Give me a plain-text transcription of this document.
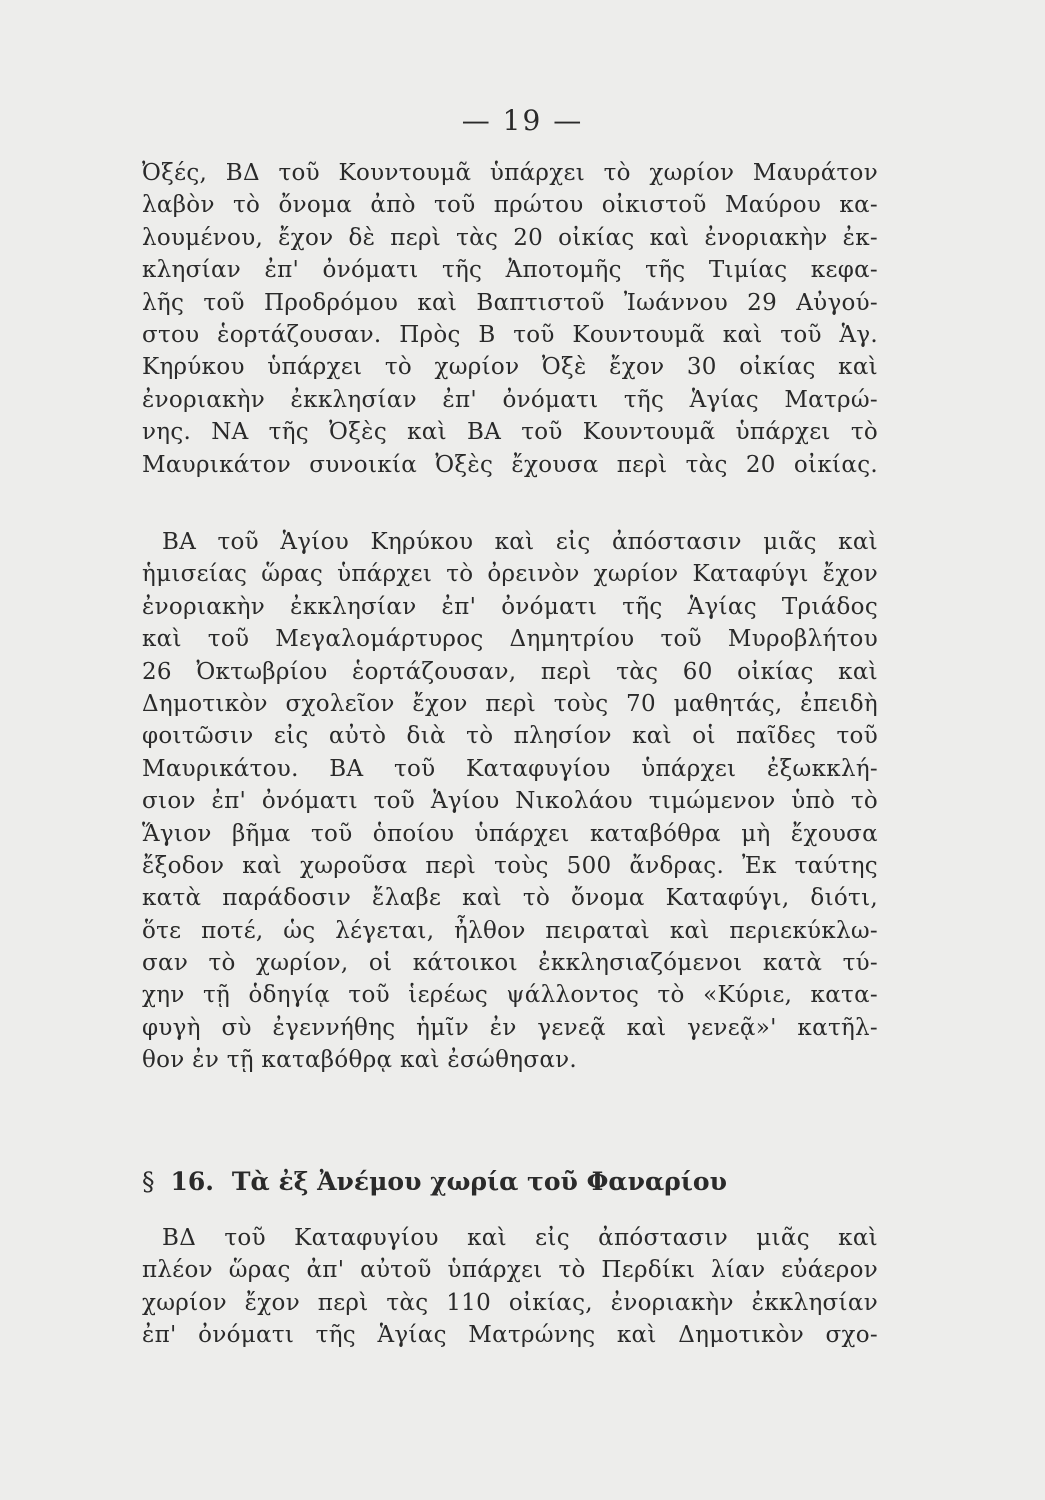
— 19 —
Ὀξές, ΒΔ τοῦ Κουντουμᾶ ὑπάρχει τὸ χωρίον Μαυράτον
λαβὸν τὸ ὄνομα ἀπὸ τοῦ πρώτου οἰκιστοῦ Μαύρου κα-
λουμένου, ἔχον δὲ περὶ τὰς 20 οἰκίας καὶ ἐνοριακὴν ἐκ-
κλησίαν ἐπ' ὀνόματι τῆς Ἀποτομῆς τῆς Τιμίας κεφα-
λῆς τοῦ Προδρόμου καὶ Βαπτιστοῦ Ἰωάννου 29 Αὐγού-
στου ἑορτάζουσαν. Πρὸς Β τοῦ Κουντουμᾶ καὶ τοῦ Ἁγ.
Κηρύκου ὑπάρχει τὸ χωρίον Ὀξὲ ἔχον 30 οἰκίας καὶ
ἐνοριακὴν ἐκκλησίαν ἐπ' ὀνόματι τῆς Ἁγίας Ματρώ-
νης. ΝΑ τῆς Ὀξὲς καὶ ΒΑ τοῦ Κουντουμᾶ ὑπάρχει τὸ
Μαυρικάτον συνοικία Ὀξὲς ἔχουσα περὶ τὰς 20 οἰκίας.
ΒΑ τοῦ Ἁγίου Κηρύκου καὶ εἰς ἀπόστασιν μιᾶς καὶ
ἡμισείας ὥρας ὑπάρχει τὸ ὀρεινὸν χωρίον Καταφύγι ἔχον
ἐνοριακὴν ἐκκλησίαν ἐπ' ὀνόματι τῆς Ἁγίας Τριάδος
καὶ τοῦ Μεγαλομάρτυρος Δημητρίου τοῦ Μυροβλήτου
26 Ὀκτωβρίου ἑορτάζουσαν, περὶ τὰς 60 οἰκίας καὶ
Δημοτικὸν σχολεῖον ἔχον περὶ τοὺς 70 μαθητάς, ἐπειδὴ
φοιτῶσιν εἰς αὐτὸ διὰ τὸ πλησίον καὶ οἱ παῖδες τοῦ
Μαυρικάτου. ΒΑ τοῦ Καταφυγίου ὑπάρχει ἐξωκκλή-
σιον ἐπ' ὀνόματι τοῦ Ἁγίου Νικολάου τιμώμενον ὑπὸ τὸ
Ἅγιον βῆμα τοῦ ὁποίου ὑπάρχει καταβόθρα μὴ ἔχουσα
ἔξοδον καὶ χωροῦσα περὶ τοὺς 500 ἄνδρας. Ἐκ ταύτης
κατὰ παράδοσιν ἔλαβε καὶ τὸ ὄνομα Καταφύγι, διότι,
ὅτε ποτέ, ὡς λέγεται, ἦλθον πειραταὶ καὶ περιεκύκλω-
σαν τὸ χωρίον, οἱ κάτοικοι ἐκκλησιαζόμενοι κατὰ τύ-
χην τῇ ὁδηγίᾳ τοῦ ἱερέως ψάλλοντος τὸ «Κύριε, κατα-
φυγὴ σὺ ἐγεννήθης ἡμῖν ἐν γενεᾷ καὶ γενεᾷ»' κατῆλ-
θον ἐν τῇ καταβόθρᾳ καὶ ἐσώθησαν.
§ 16. Τὰ ἐξ Ἀνέμου χωρία τοῦ Φαναρίου
ΒΔ τοῦ Καταφυγίου καὶ εἰς ἀπόστασιν μιᾶς καὶ
πλέον ὥρας ἀπ' αὐτοῦ ὑπάρχει τὸ Περδίκι λίαν εὐάερον
χωρίον ἔχον περὶ τὰς 110 οἰκίας, ἐνοριακὴν ἐκκλησίαν
ἐπ' ὀνόματι τῆς Ἁγίας Ματρώνης καὶ Δημοτικὸν σχο-
